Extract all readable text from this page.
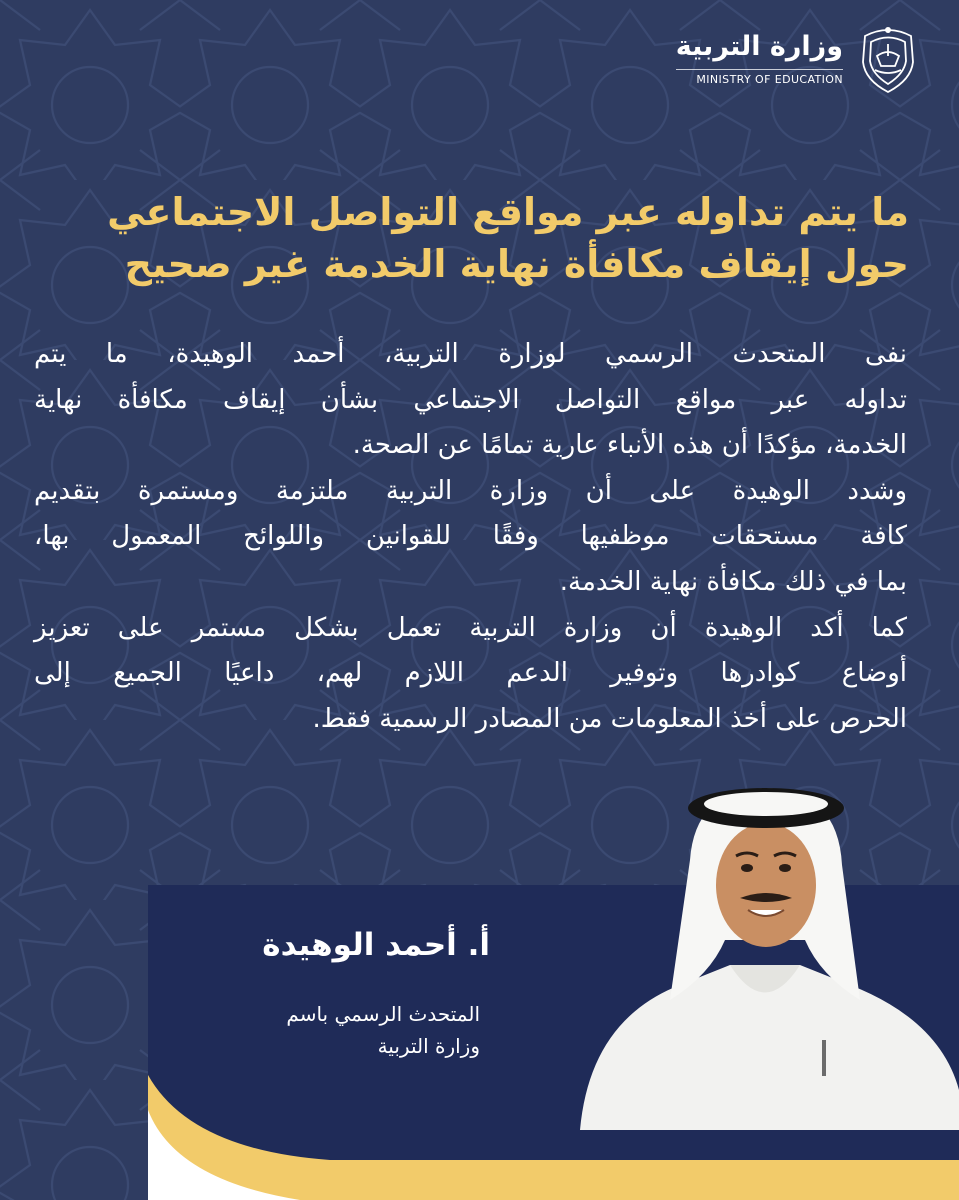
وزارة التربية
MINISTRY OF EDUCATION
ما يتم تداوله عبر مواقع التواصل الاجتماعي
حول إيقاف مكافأة نهاية الخدمة غير صحيح
نفى المتحدث الرسمي لوزارة التربية، أحمد الوهيدة، ما يتم
تداوله عبر مواقع التواصل الاجتماعي بشأن إيقاف مكافأة نهاية
الخدمة، مؤكدًا أن هذه الأنباء عارية تمامًا عن الصحة.
وشدد الوهيدة على أن وزارة التربية ملتزمة ومستمرة بتقديم
كافة مستحقات موظفيها وفقًا للقوانين واللوائح المعمول بها،
بما في ذلك مكافأة نهاية الخدمة.
كما أكد الوهيدة أن وزارة التربية تعمل بشكل مستمر على تعزيز
أوضاع كوادرها وتوفير الدعم اللازم لهم، داعيًا الجميع إلى
الحرص على أخذ المعلومات من المصادر الرسمية فقط.
أ. أحمد الوهيدة
المتحدث الرسمي باسم
وزارة التربية
